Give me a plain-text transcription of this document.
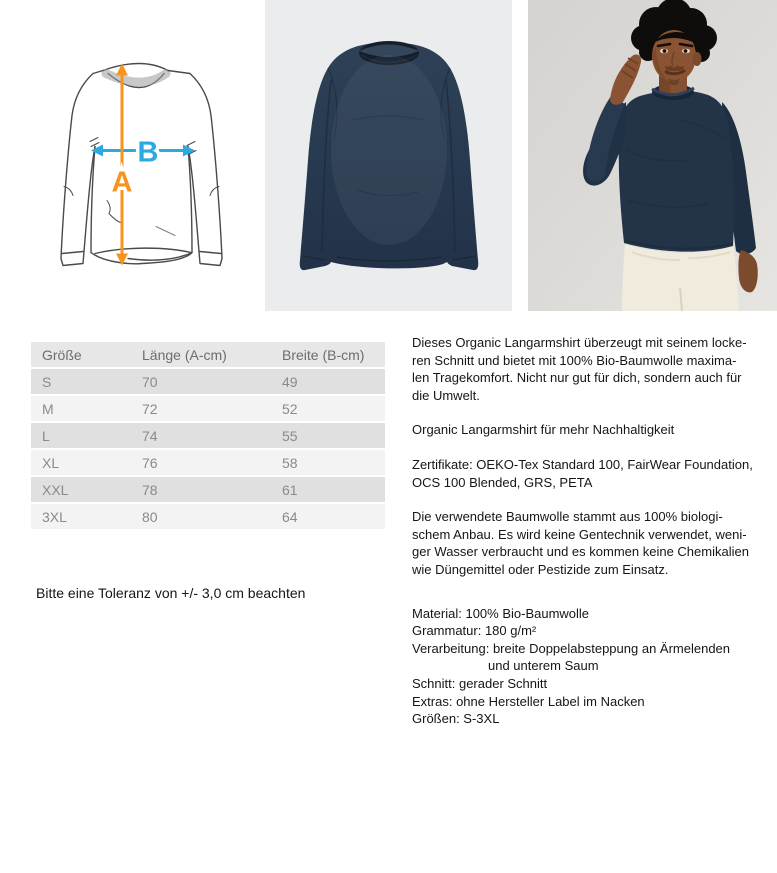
B
A
Größe	Länge (A-cm)	Breite (B-cm)
S	70	49
M	72	52
L	74	55
XL	76	58
XXL	78	61
3XL	80	64

Bitte eine Toleranz von +/- 3,0 cm beachten

Dieses Organic Langarmshirt überzeugt mit seinem locke-
ren Schnitt und bietet mit 100% Bio-Baumwolle maxima-
len Tragekomfort. Nicht nur gut für dich, sondern auch für
die Umwelt.

Organic Langarmshirt für mehr Nachhaltigkeit

Zertifikate: OEKO-Tex Standard 100, FairWear Foundation,
OCS 100 Blended, GRS, PETA

Die verwendete Baumwolle stammt aus 100% biologi-
schem Anbau. Es wird keine Gentechnik verwendet, weni-
ger Wasser verbraucht und es kommen keine Chemikalien
wie Düngemittel oder Pestizide zum Einsatz.

Material: 100% Bio-Baumwolle
Grammatur: 180 g/m²
Verarbeitung: breite Doppelabsteppung an Ärmelenden
und unterem Saum
Schnitt: gerader Schnitt
Extras: ohne Hersteller Label im Nacken
Größen: S-3XL
